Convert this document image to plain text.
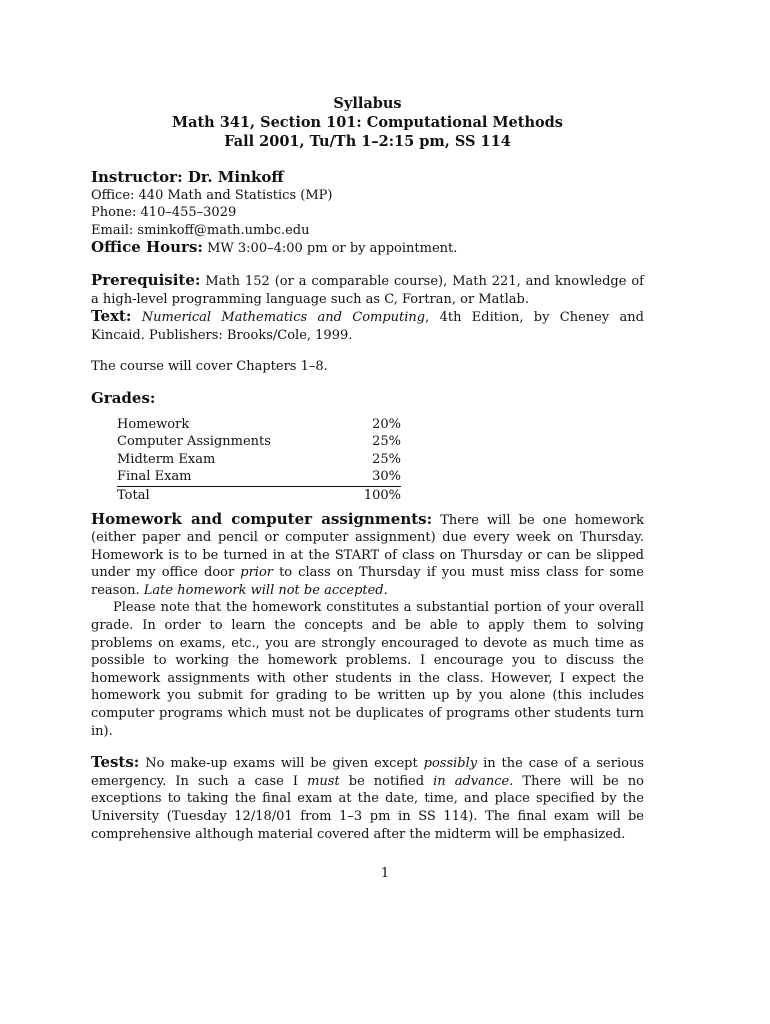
Syllabus
Math 341, Section 101: Computational Methods
Fall 2001, Tu/Th 1–2:15 pm, SS 114
Instructor: Dr. Minkoff
Office: 440 Math and Statistics (MP)
Phone: 410–455–3029
Email: sminkoff@math.umbc.edu
Office Hours: MW 3:00–4:00 pm or by appointment.
Prerequisite: Math 152 (or a comparable course), Math 221, and knowledge of a high-level programming language such as C, Fortran, or Matlab.
Text: Numerical Mathematics and Computing, 4th Edition, by Cheney and Kincaid. Publishers: Brooks/Cole, 1999.
The course will cover Chapters 1–8.
Grades:
Homework	20%
Computer Assignments	25%
Midterm Exam	25%
Final Exam	30%
Total	100%
Homework and computer assignments: There will be one homework (either paper and pencil or computer assignment) due every week on Thursday. Homework is to be turned in at the START of class on Thursday or can be slipped under my office door prior to class on Thursday if you must miss class for some reason. Late homework will not be accepted.
Please note that the homework constitutes a substantial portion of your overall grade. In order to learn the concepts and be able to apply them to solving problems on exams, etc., you are strongly encouraged to devote as much time as possible to working the homework problems. I encourage you to discuss the homework assignments with other students in the class. However, I expect the homework you submit for grading to be written up by you alone (this includes computer programs which must not be duplicates of programs other students turn in).
Tests: No make-up exams will be given except possibly in the case of a serious emergency. In such a case I must be notified in advance. There will be no exceptions to taking the final exam at the date, time, and place specified by the University (Tuesday 12/18/01 from 1–3 pm in SS 114). The final exam will be comprehensive although material covered after the midterm will be emphasized.
1
